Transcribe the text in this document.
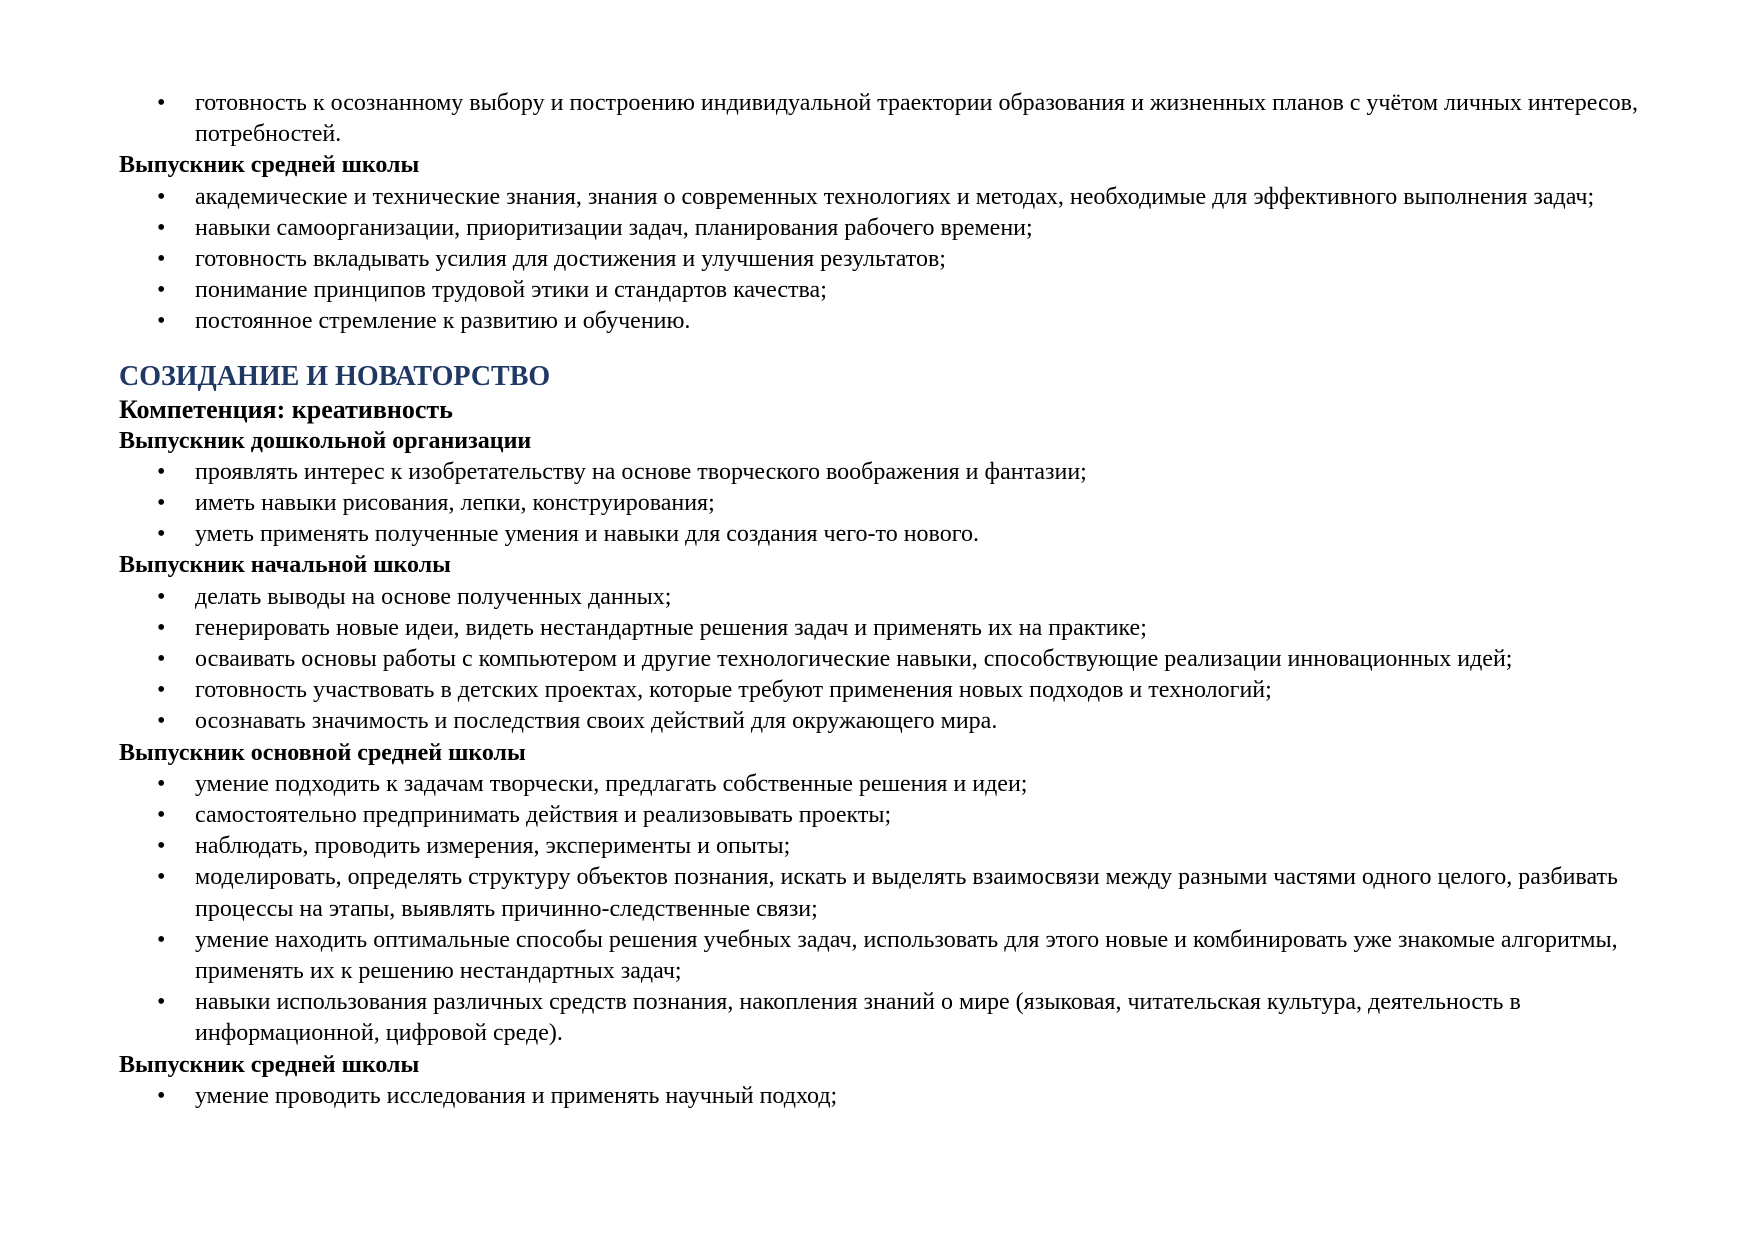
• готовность к осознанному выбору и построению индивидуальной траектории образования и жизненных планов с учётом личных интересов, потребностей.
Выпускник средней школы
• академические и технические знания, знания о современных технологиях и методах, необходимые для эффективного выполнения задач;
• навыки самоорганизации, приоритизации задач, планирования рабочего времени;
• готовность вкладывать усилия для достижения и улучшения результатов;
• понимание принципов трудовой этики и стандартов качества;
• постоянное стремление к развитию и обучению.
СОЗИДАНИЕ И НОВАТОРСТВО
Компетенция: креативность
Выпускник дошкольной организации
• проявлять интерес к изобретательству на основе творческого воображения и фантазии;
• иметь навыки рисования, лепки, конструирования;
• уметь применять полученные умения и навыки для создания чего-то нового.
Выпускник начальной школы
• делать выводы на основе полученных данных;
• генерировать новые идеи, видеть нестандартные решения задач и применять их на практике;
• осваивать основы работы с компьютером и другие технологические навыки, способствующие реализации инновационных идей;
• готовность участвовать в детских проектах, которые требуют применения новых подходов и технологий;
• осознавать значимость и последствия своих действий для окружающего мира.
Выпускник основной средней школы
• умение подходить к задачам творчески, предлагать собственные решения и идеи;
• самостоятельно предпринимать действия и реализовывать проекты;
• наблюдать, проводить измерения, эксперименты и опыты;
• моделировать, определять структуру объектов познания, искать и выделять взаимосвязи между разными частями одного целого, разбивать процессы на этапы, выявлять причинно-следственные связи;
• умение находить оптимальные способы решения учебных задач, использовать для этого новые и комбинировать уже знакомые алгоритмы, применять их к решению нестандартных задач;
• навыки использования различных средств познания, накопления знаний о мире (языковая, читательская культура, деятельность в информационной, цифровой среде).
Выпускник средней школы
• умение проводить исследования и применять научный подход;
